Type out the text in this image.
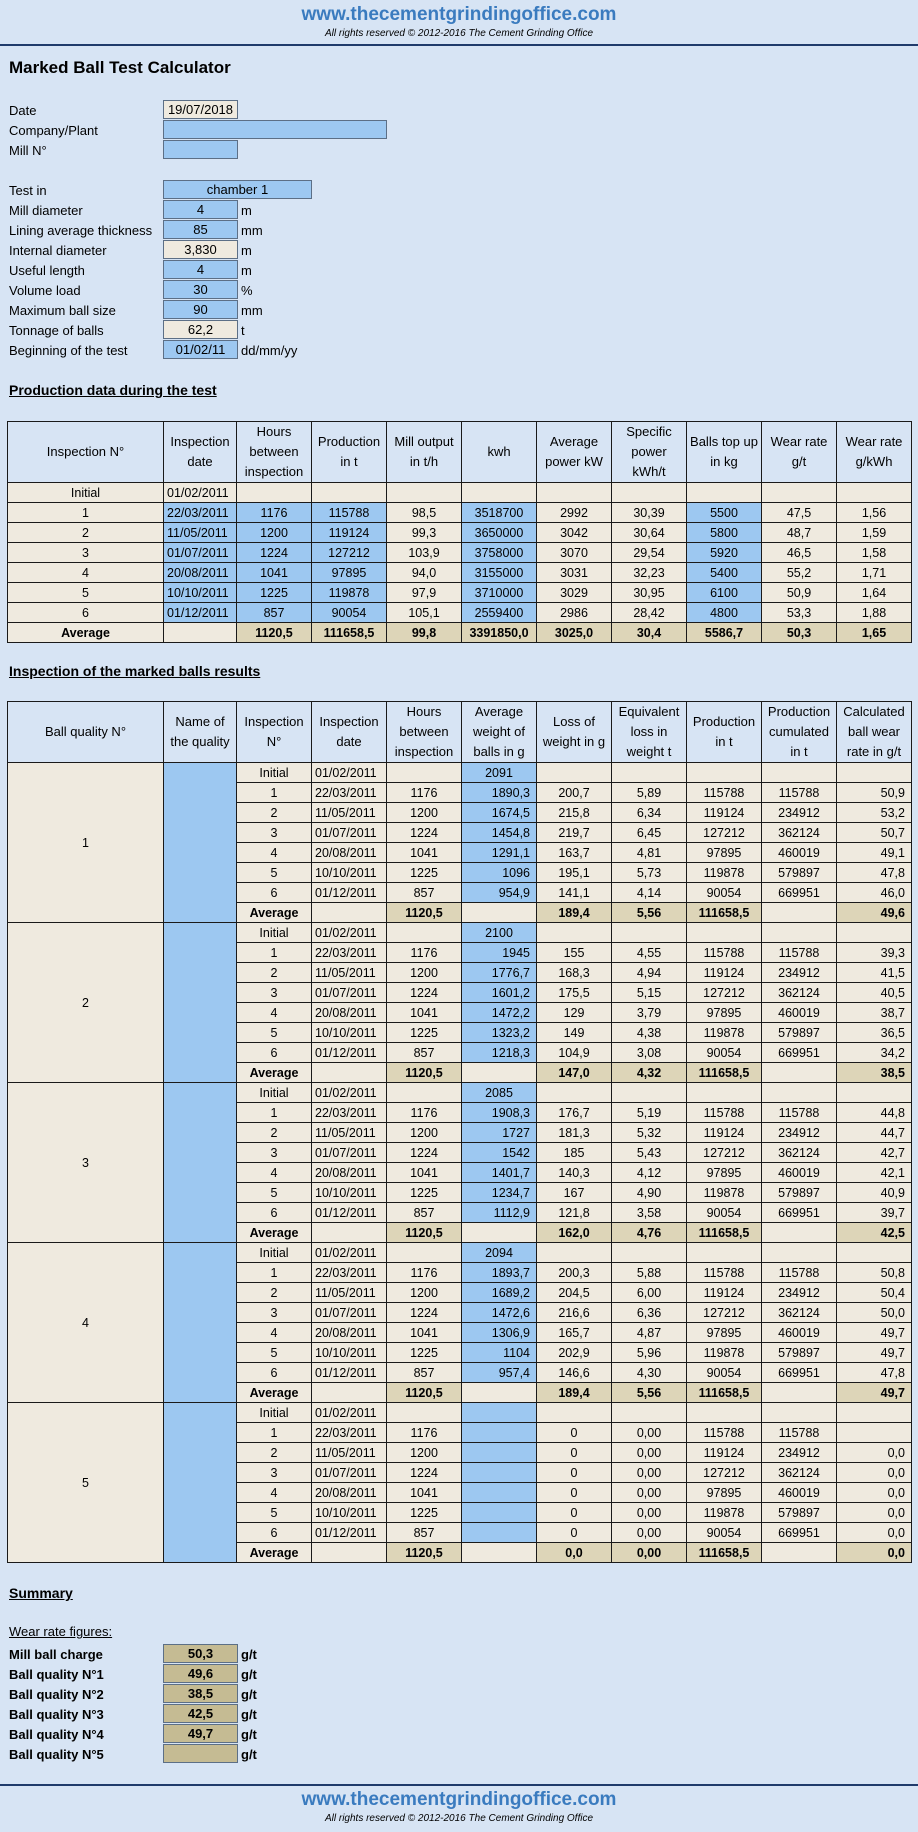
www.thecementgrindingoffice.com
All rights reserved © 2012-2016 The Cement Grinding Office
Marked Ball Test Calculator
Date	19/07/2018
Company/Plant
Mill N°
Test in	chamber 1
Mill diameter	4	m
Lining average thickness	85	mm
Internal diameter	3,830	m
Useful length	4	m
Volume load	30	%
Maximum ball size	90	mm
Tonnage of balls	62,2	t
Beginning of the test	01/02/11	dd/mm/yy
Production data during the test
Inspection N°	Inspection date	Hours between inspection	Production in t	Mill output in t/h	kwh	Average power kW	Specific power kWh/t	Balls top up in kg	Wear rate g/t	Wear rate g/kWh
Initial	01/02/2011									
1	22/03/2011	1176	115788	98,5	3518700	2992	30,39	5500	47,5	1,56
2	11/05/2011	1200	119124	99,3	3650000	3042	30,64	5800	48,7	1,59
3	01/07/2011	1224	127212	103,9	3758000	3070	29,54	5920	46,5	1,58
4	20/08/2011	1041	97895	94,0	3155000	3031	32,23	5400	55,2	1,71
5	10/10/2011	1225	119878	97,9	3710000	3029	30,95	6100	50,9	1,64
6	01/12/2011	857	90054	105,1	2559400	2986	28,42	4800	53,3	1,88
Average		1120,5	111658,5	99,8	3391850,0	3025,0	30,4	5586,7	50,3	1,65
Inspection of the marked balls results
Ball quality N°	Name of the quality	Inspection N°	Inspection date	Hours between inspection	Average weight of balls in g	Loss of weight in g	Equivalent loss in weight t	Production in t	Production cumulated in t	Calculated ball wear rate in g/t
1		Initial	01/02/2011		2091					
		1	22/03/2011	1176	1890,3	200,7	5,89	115788	115788	50,9
		2	11/05/2011	1200	1674,5	215,8	6,34	119124	234912	53,2
		3	01/07/2011	1224	1454,8	219,7	6,45	127212	362124	50,7
		4	20/08/2011	1041	1291,1	163,7	4,81	97895	460019	49,1
		5	10/10/2011	1225	1096	195,1	5,73	119878	579897	47,8
		6	01/12/2011	857	954,9	141,1	4,14	90054	669951	46,0
		Average		1120,5		189,4	5,56	111658,5		49,6
2		Initial	01/02/2011		2100					
		1	22/03/2011	1176	1945	155	4,55	115788	115788	39,3
		2	11/05/2011	1200	1776,7	168,3	4,94	119124	234912	41,5
		3	01/07/2011	1224	1601,2	175,5	5,15	127212	362124	40,5
		4	20/08/2011	1041	1472,2	129	3,79	97895	460019	38,7
		5	10/10/2011	1225	1323,2	149	4,38	119878	579897	36,5
		6	01/12/2011	857	1218,3	104,9	3,08	90054	669951	34,2
		Average		1120,5		147,0	4,32	111658,5		38,5
3		Initial	01/02/2011		2085					
		1	22/03/2011	1176	1908,3	176,7	5,19	115788	115788	44,8
		2	11/05/2011	1200	1727	181,3	5,32	119124	234912	44,7
		3	01/07/2011	1224	1542	185	5,43	127212	362124	42,7
		4	20/08/2011	1041	1401,7	140,3	4,12	97895	460019	42,1
		5	10/10/2011	1225	1234,7	167	4,90	119878	579897	40,9
		6	01/12/2011	857	1112,9	121,8	3,58	90054	669951	39,7
		Average		1120,5		162,0	4,76	111658,5		42,5
4		Initial	01/02/2011		2094					
		1	22/03/2011	1176	1893,7	200,3	5,88	115788	115788	50,8
		2	11/05/2011	1200	1689,2	204,5	6,00	119124	234912	50,4
		3	01/07/2011	1224	1472,6	216,6	6,36	127212	362124	50,0
		4	20/08/2011	1041	1306,9	165,7	4,87	97895	460019	49,7
		5	10/10/2011	1225	1104	202,9	5,96	119878	579897	49,7
		6	01/12/2011	857	957,4	146,6	4,30	90054	669951	47,8
		Average		1120,5		189,4	5,56	111658,5		49,7
5		Initial	01/02/2011							
		1	22/03/2011	1176		0	0,00	115788	115788	
		2	11/05/2011	1200		0	0,00	119124	234912	0,0
		3	01/07/2011	1224		0	0,00	127212	362124	0,0
		4	20/08/2011	1041		0	0,00	97895	460019	0,0
		5	10/10/2011	1225		0	0,00	119878	579897	0,0
		6	01/12/2011	857		0	0,00	90054	669951	0,0
		Average		1120,5		0,0	0,00	111658,5		0,0
Summary
Wear rate figures:
Mill ball charge	50,3	g/t
Ball quality N°1	49,6	g/t
Ball quality N°2	38,5	g/t
Ball quality N°3	42,5	g/t
Ball quality N°4	49,7	g/t
Ball quality N°5	g/t
www.thecementgrindingoffice.com
All rights reserved © 2012-2016 The Cement Grinding Office
